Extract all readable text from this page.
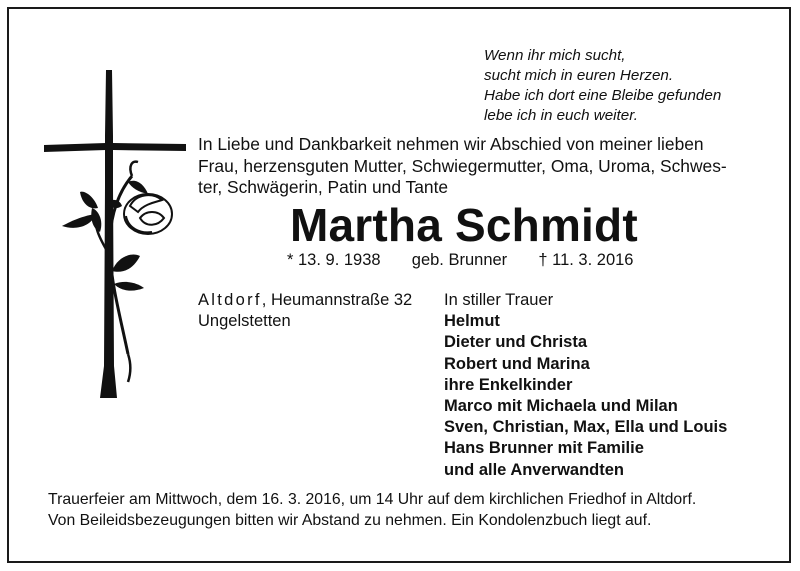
Wenn ihr mich sucht,
sucht mich in euren Herzen.
Habe ich dort eine Bleibe gefunden
lebe ich in euch weiter.
In Liebe und Dankbarkeit nehmen wir Abschied von meiner lieben
Frau, herzensguten Mutter, Schwiegermutter, Oma, Uroma, Schwes-
ter, Schwägerin, Patin und Tante
Martha Schmidt
* 13. 9. 1938 geb. Brunner † 11. 3. 2016
Altdorf, Heumannstraße 32
Ungelstetten
In stiller Trauer
Helmut
Dieter und Christa
Robert und Marina
ihre Enkelkinder
Marco mit Michaela und Milan
Sven, Christian, Max, Ella und Louis
Hans Brunner mit Familie
und alle Anverwandten
Trauerfeier am Mittwoch, dem 16. 3. 2016, um 14 Uhr auf dem kirchlichen Friedhof in Altdorf.
Von Beileidsbezeugungen bitten wir Abstand zu nehmen. Ein Kondolenzbuch liegt auf.
